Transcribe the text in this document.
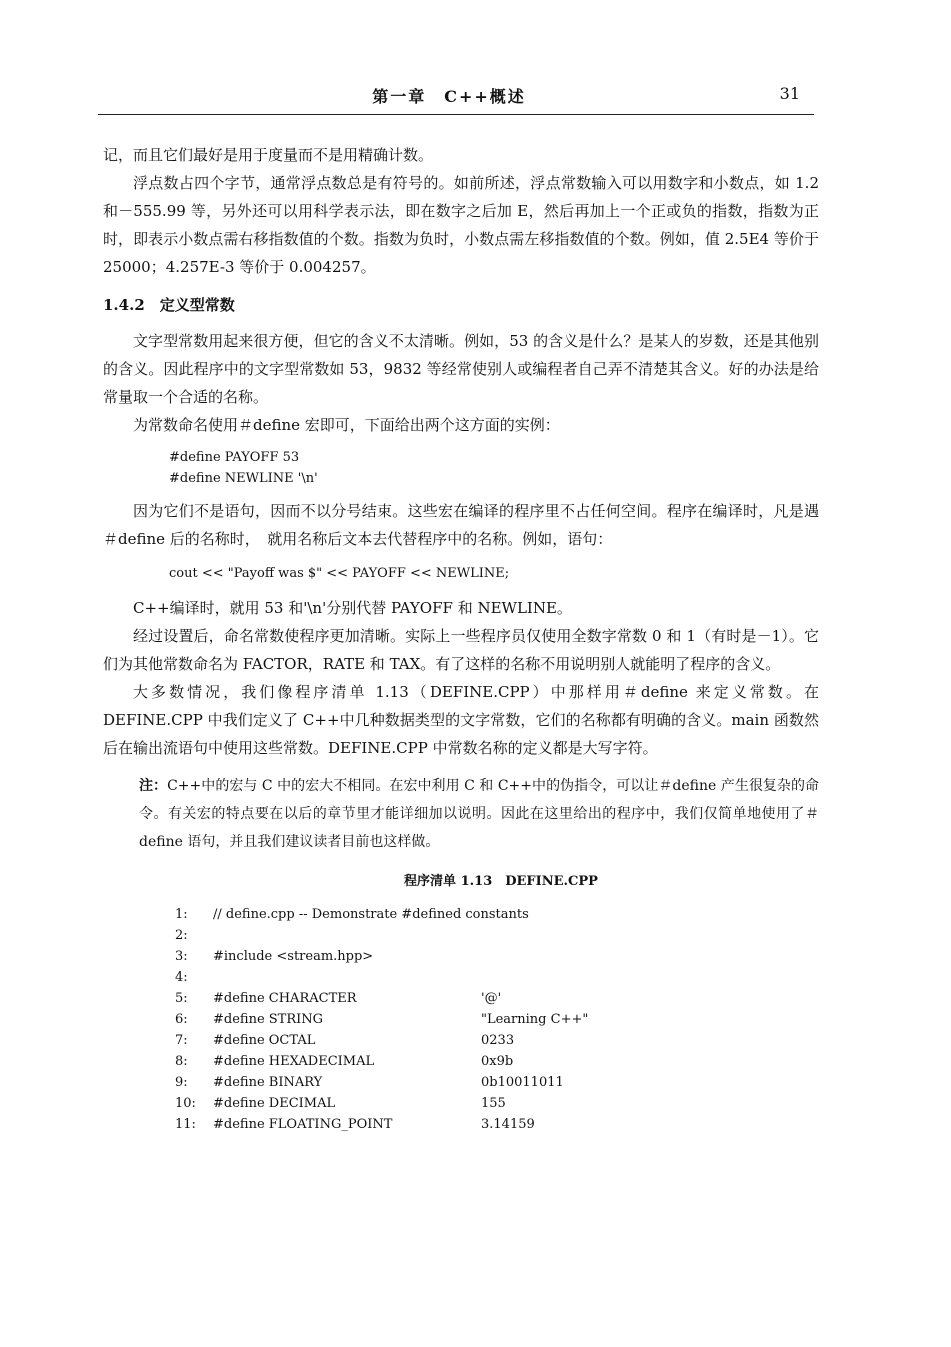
第一章　C++概述	31

记，而且它们最好是用于度量而不是用精确计数。

浮点数占四个字节，通常浮点数总是有符号的。如前所述，浮点常数输入可以用数字和小数点，如 1.2 和－555.99 等，另外还可以用科学表示法，即在数字之后加 E，然后再加上一个正或负的指数，指数为正时，即表示小数点需右移指数值的个数。指数为负时，小数点需左移指数值的个数。例如，值 2.5E4 等价于 25000；4.257E-3 等价于 0.004257。

1.4.2　定义型常数

文字型常数用起来很方便，但它的含义不太清晰。例如，53 的含义是什么？是某人的岁数，还是其他别的含义。因此程序中的文字型常数如 53，9832 等经常使别人或编程者自己弄不清楚其含义。好的办法是给常量取一个合适的名称。

为常数命名使用＃define 宏即可，下面给出两个这方面的实例：

#define PAYOFF 53
#define NEWLINE '\n'

因为它们不是语句，因而不以分号结束。这些宏在编译的程序里不占任何空间。程序在编译时，凡是遇＃define 后的名称时，　就用名称后文本去代替程序中的名称。例如，语句：

cout << "Payoff was $" << PAYOFF << NEWLINE;

C++编译时，就用 53 和'\n'分别代替 PAYOFF 和 NEWLINE。

经过设置后，命名常数使程序更加清晰。实际上一些程序员仅使用全数字常数 0 和 1（有时是－1）。它们为其他常数命名为 FACTOR，RATE 和 TAX。有了这样的名称不用说明别人就能明了程序的含义。

大多数情况，我们像程序清单 1.13（DEFINE.CPP）中那样用＃define 来定义常数。在 DEFINE.CPP 中我们定义了 C++中几种数据类型的文字常数，它们的名称都有明确的含义。main 函数然后在输出流语句中使用这些常数。DEFINE.CPP 中常数名称的定义都是大写字符。

注：C++中的宏与 C 中的宏大不相同。在宏中利用 C 和 C++中的伪指令，可以让＃define 产生很复杂的命令。有关宏的特点要在以后的章节里才能详细加以说明。因此在这里给出的程序中，我们仅简单地使用了＃define 语句，并且我们建议读者目前也这样做。
程序清单 1.13　DEFINE.CPP
1:	// define.cpp -- Demonstrate #defined constants
2:
3:	#include <stream.hpp>
4:
5:	#define CHARACTER	'@'
6:	#define STRING	"Learning C++"
7:	#define OCTAL	0233
8:	#define HEXADECIMAL	0x9b
9:	#define BINARY	0b10011011
10:	#define DECIMAL	155
11:	#define FLOATING_POINT	3.14159
